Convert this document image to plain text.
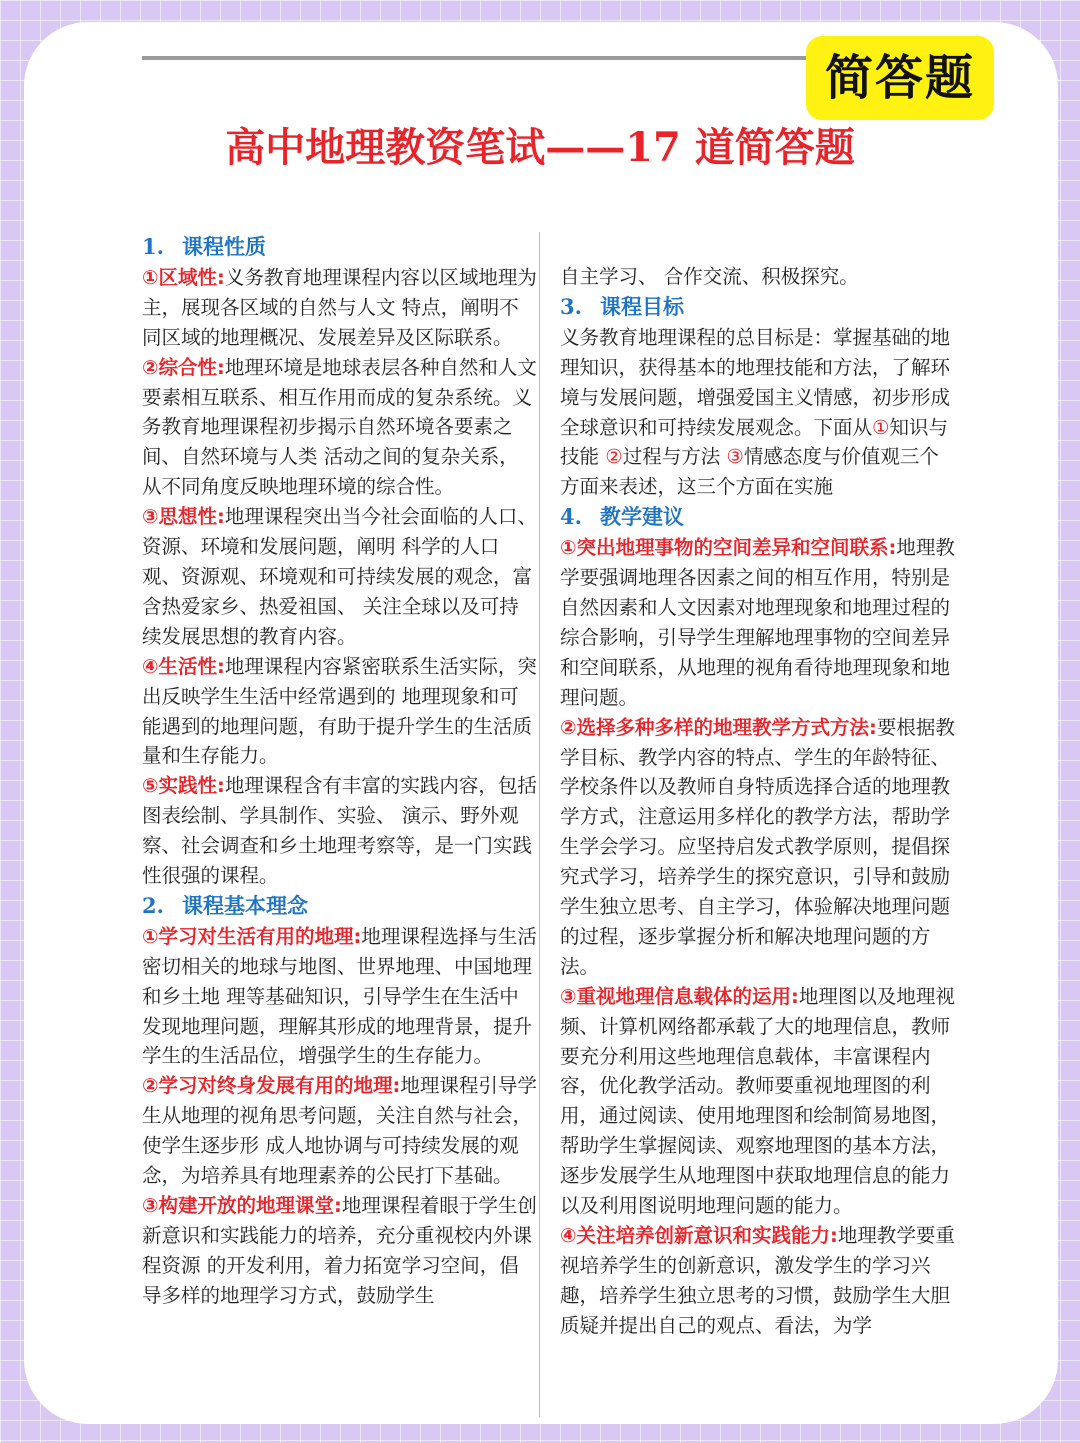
简答题
高中地理教资笔试——17 道简答题
1. 课程性质

①区域性:义务教育地理课程内容以区域地理为主，展现各区域的自然与人文 特点，阐明不同区域的地理概况、发展差异及区际联系。

②综合性:地理环境是地球表层各种自然和人文要素相互联系、相互作用而成的复杂系统。义务教育地理课程初步揭示自然环境各要素之间、自然环境与人类 活动之间的复杂关系，从不同角度反映地理环境的综合性。

③思想性:地理课程突出当今社会面临的人口、资源、环境和发展问题，阐明 科学的人口观、资源观、环境观和可持续发展的观念，富含热爱家乡、热爱祖国、 关注全球以及可持续发展思想的教育内容。

④生活性:地理课程内容紧密联系生活实际，突出反映学生生活中经常遇到的 地理现象和可能遇到的地理问题，有助于提升学生的生活质量和生存能力。

⑤实践性:地理课程含有丰富的实践内容，包括图表绘制、学具制作、实验、 演示、野外观察、社会调查和乡土地理考察等，是一门实践性很强的课程。

2. 课程基本理念

①学习对生活有用的地理:地理课程选择与生活密切相关的地球与地图、世界地理、中国地理和乡土地 理等基础知识，引导学生在生活中发现地理问题，理解其形成的地理背景，提升学生的生活品位，增强学生的生存能力。

②学习对终身发展有用的地理:地理课程引导学生从地理的视角思考问题，关注自然与社会，使学生逐步形 成人地协调与可持续发展的观念，为培养具有地理素养的公民打下基础。

③构建开放的地理课堂:地理课程着眼于学生创新意识和实践能力的培养，充分重视校内外课程资源 的开发利用，着力拓宽学习空间，倡导多样的地理学习方式，鼓励学生

自主学习、 合作交流、积极探究。

3. 课程目标

义务教育地理课程的总目标是：掌握基础的地理知识，获得基本的地理技能和方法，了解环境与发展问题，增强爱国主义情感，初步形成全球意识和可持续发展观念。下面从①知识与技能 ②过程与方法 ③情感态度与价值观三个方面来表述，这三个方面在实施

4. 教学建议

①突出地理事物的空间差异和空间联系:地理教学要强调地理各因素之间的相互作用，特别是自然因素和人文因素对地理现象和地理过程的综合影响，引导学生理解地理事物的空间差异和空间联系，从地理的视角看待地理现象和地理问题。

②选择多种多样的地理教学方式方法:要根据教学目标、教学内容的特点、学生的年龄特征、学校条件以及教师自身特质选择合适的地理教学方式，注意运用多样化的教学方法，帮助学生学会学习。应坚持启发式教学原则，提倡探究式学习，培养学生的探究意识，引导和鼓励学生独立思考、自主学习，体验解决地理问题的过程，逐步掌握分析和解决地理问题的方法。

③重视地理信息载体的运用:地理图以及地理视频、计算机网络都承载了大的地理信息，教师要充分利用这些地理信息载体，丰富课程内容，优化教学活动。教师要重视地理图的利用，通过阅读、使用地理图和绘制简易地图，帮助学生掌握阅读、观察地理图的基本方法，逐步发展学生从地理图中获取地理信息的能力以及利用图说明地理问题的能力。

④关注培养创新意识和实践能力:地理教学要重视培养学生的创新意识，激发学生的学习兴趣，培养学生独立思考的习惯，鼓励学生大胆质疑并提出自己的观点、看法，为学
